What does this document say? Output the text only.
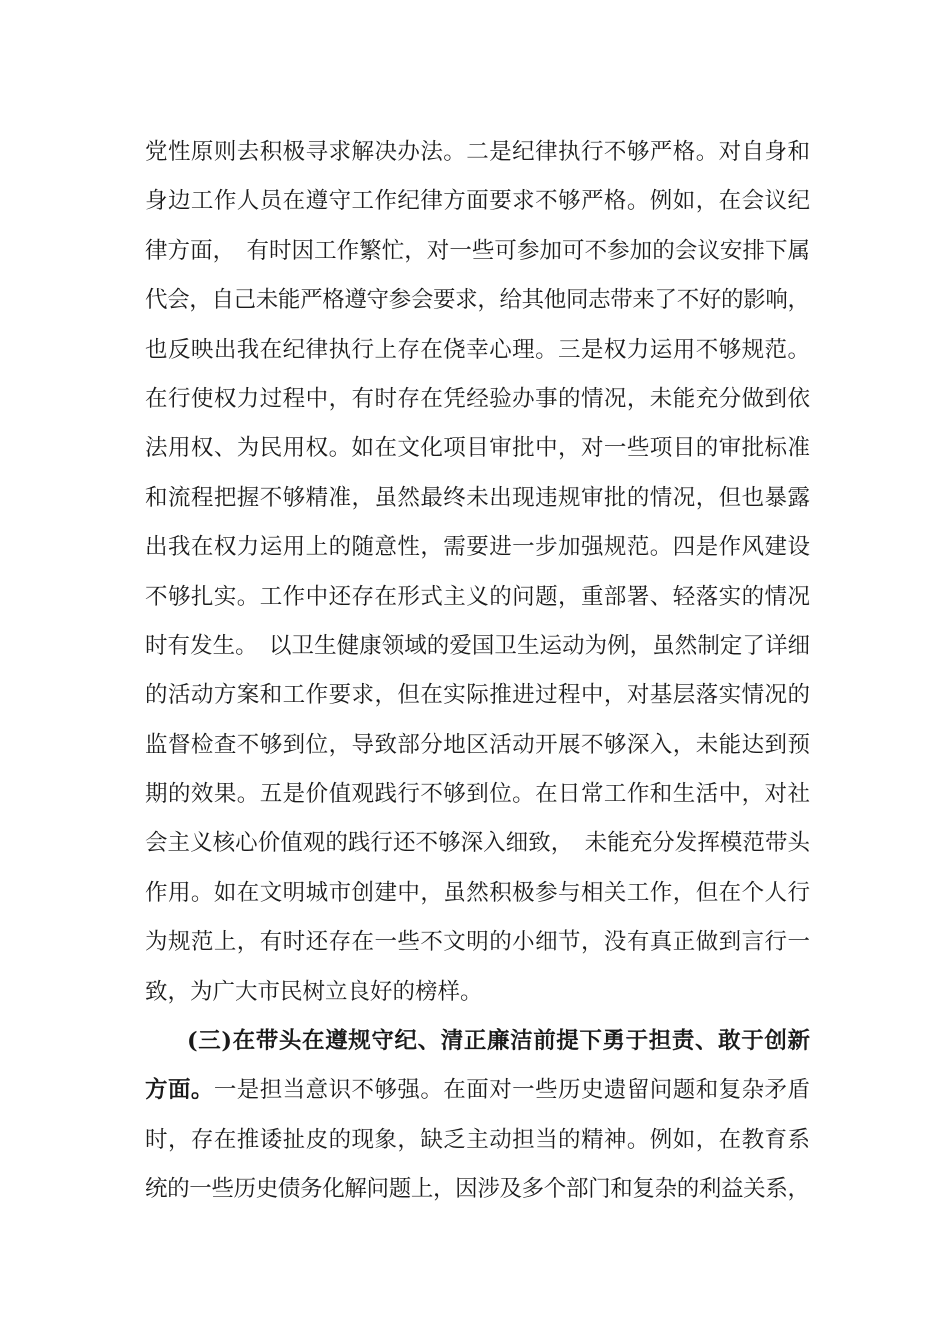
党性原则去积极寻求解决办法。二是纪律执行不够严格。对自身和
身边工作人员在遵守工作纪律方面要求不够严格。例如，在会议纪
律方面，　有时因工作繁忙，对一些可参加可不参加的会议安排下属
代会，自己未能严格遵守参会要求，给其他同志带来了不好的影响，
也反映出我在纪律执行上存在侥幸心理。三是权力运用不够规范。
在行使权力过程中，有时存在凭经验办事的情况，未能充分做到依
法用权、为民用权。如在文化项目审批中，对一些项目的审批标准
和流程把握不够精准，虽然最终未出现违规审批的情况，但也暴露
出我在权力运用上的随意性，需要进一步加强规范。四是作风建设
不够扎实。工作中还存在形式主义的问题，重部署、轻落实的情况
时有发生。　以卫生健康领域的爱国卫生运动为例，虽然制定了详细
的活动方案和工作要求，但在实际推进过程中，对基层落实情况的
监督检查不够到位，导致部分地区活动开展不够深入，未能达到预
期的效果。五是价值观践行不够到位。在日常工作和生活中，对社
会主义核心价值观的践行还不够深入细致，　未能充分发挥模范带头
作用。如在文明城市创建中，虽然积极参与相关工作，但在个人行
为规范上，有时还存在一些不文明的小细节，没有真正做到言行一
致，为广大市民树立良好的榜样。
(三)在带头在遵规守纪、清正廉洁前提下勇于担责、敢于创新
方面。一是担当意识不够强。在面对一些历史遗留问题和复杂矛盾
时，存在推诿扯皮的现象，缺乏主动担当的精神。例如，在教育系
统的一些历史债务化解问题上，因涉及多个部门和复杂的利益关系，
